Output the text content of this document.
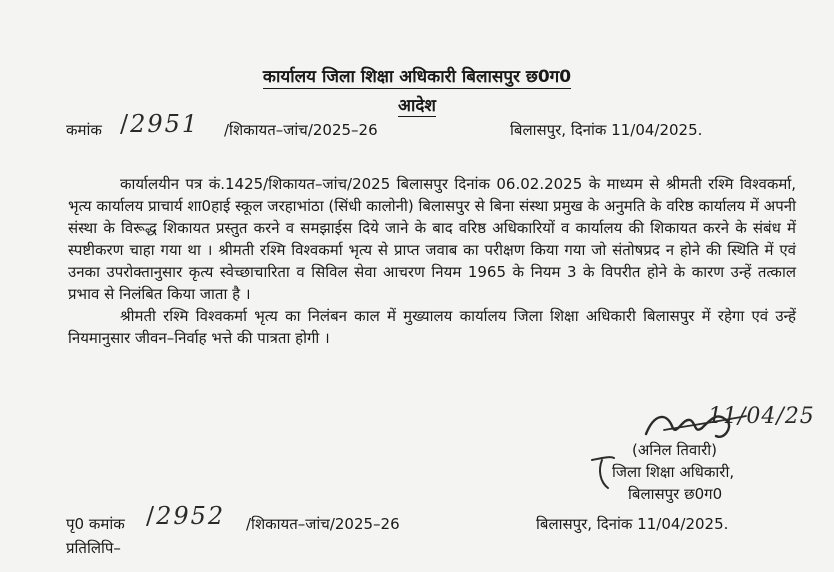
कार्यालय जिला शिक्षा अधिकारी बिलासपुर छ0ग0
आदेश
कमांक /2951 /शिकायत–जांच/2025–26	बिलासपुर, दिनांक 11/04/2025.

कार्यालयीन पत्र कं.1425/शिकायत–जांच/2025 बिलासपुर दिनांक 06.02.2025 के माध्यम से श्रीमती रश्मि विश्वकर्मा, भृत्य कार्यालय प्राचार्य शा0हाई स्कूल जरहाभांठा (सिंधी कालोनी) बिलासपुर से बिना संस्था प्रमुख के अनुमति के वरिष्ठ कार्यालय में अपनी संस्था के विरूद्ध शिकायत प्रस्तुत करने व समझाईस दिये जाने के बाद वरिष्ठ अधिकारियों व कार्यालय की शिकायत करने के संबंध में स्पष्टीकरण चाहा गया था । श्रीमती रश्मि विश्वकर्मा भृत्य से प्राप्त जवाब का परीक्षण किया गया जो संतोषप्रद न होने की स्थिति में एवं उनका उपरोक्तानुसार कृत्य स्वेच्छाचारिता व सिविल सेवा आचरण नियम 1965 के नियम 3 के विपरीत होने के कारण उन्हें तत्काल प्रभाव से निलंबित किया जाता है ।

श्रीमती रश्मि विश्वकर्मा भृत्य का निलंबन काल में मुख्यालय कार्यालय जिला शिक्षा अधिकारी बिलासपुर में रहेगा एवं उन्हें नियमानुसार जीवन–निर्वाह भत्ते की पात्रता होगी ।

11/04/25
(अनिल तिवारी)
जिला शिक्षा अधिकारी,
बिलासपुर छ0ग0
पृ0 कमांक /2952 /शिकायत–जांच/2025–26	बिलासपुर, दिनांक 11/04/2025.
प्रतिलिपि–
